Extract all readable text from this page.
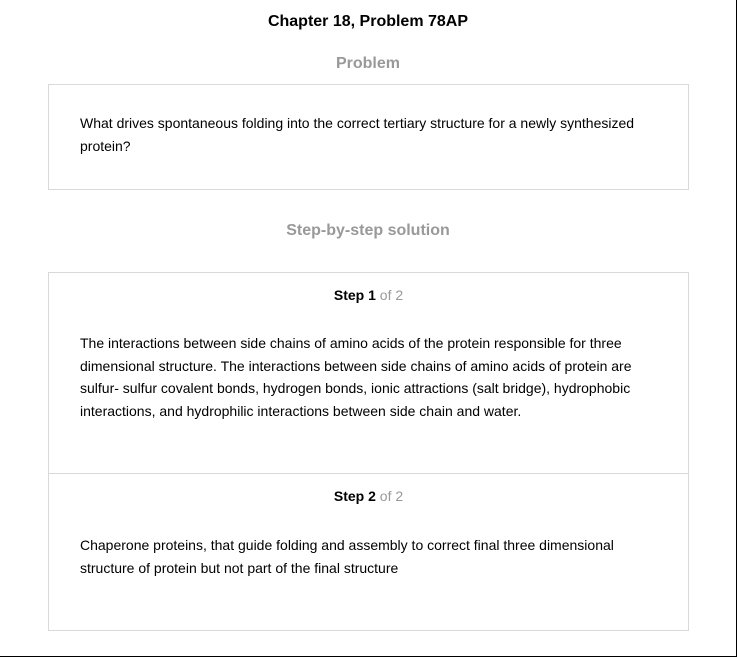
Chapter 18, Problem 78AP
Problem
What drives spontaneous folding into the correct tertiary structure for a newly synthesized protein?
Step-by-step solution
Step 1 of 2
The interactions between side chains of amino acids of the protein responsible for three dimensional structure. The interactions between side chains of amino acids of protein are sulfur- sulfur covalent bonds, hydrogen bonds, ionic attractions (salt bridge), hydrophobic interactions, and hydrophilic interactions between side chain and water.
Step 2 of 2
Chaperone proteins, that guide folding and assembly to correct final three dimensional structure of protein but not part of the final structure
